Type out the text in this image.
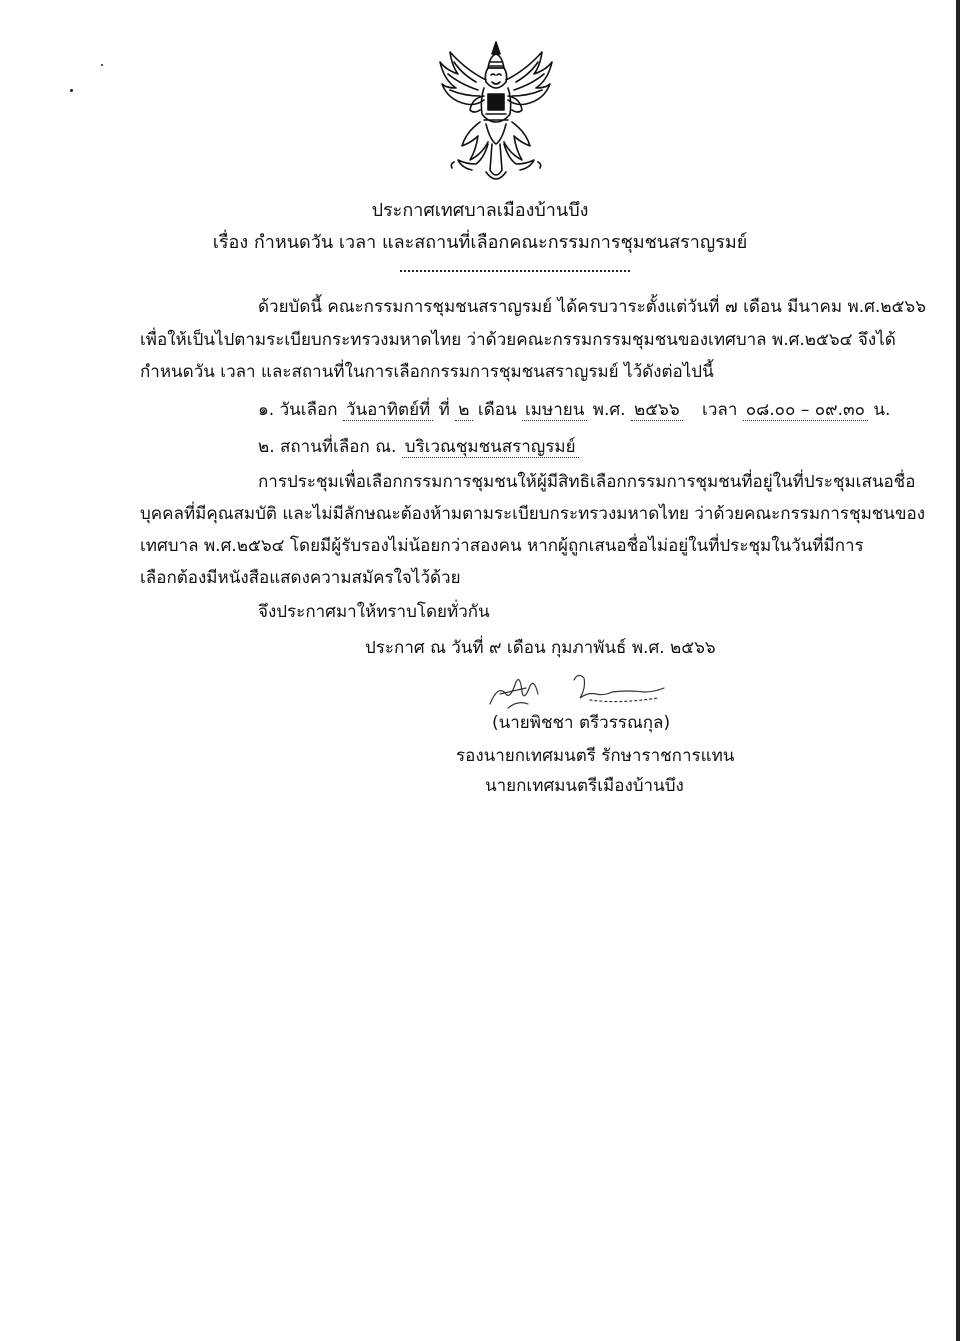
ประกาศเทศบาลเมืองบ้านบึง
เรื่อง กำหนดวัน เวลา และสถานที่เลือกคณะกรรมการชุมชนสราญรมย์
ด้วยบัดนี้ คณะกรรมการชุมชนสราญรมย์ ได้ครบวาระตั้งแต่วันที่ ๗ เดือน มีนาคม พ.ศ.๒๕๖๖
เพื่อให้เป็นไปตามระเบียบกระทรวงมหาดไทย ว่าด้วยคณะกรรมกรรมชุมชนของเทศบาล พ.ศ.๒๕๖๔ จึงได้
กำหนดวัน เวลา และสถานที่ในการเลือกกรรมการชุมชนสราญรมย์ ไว้ดังต่อไปนี้
๑. วันเลือก วันอาทิตย์ที่ ที่ ๒ เดือน เมษายน พ.ศ. ๒๕๖๖ เวลา ๐๘.๐๐ – ๐๙.๓๐ น.
๒. สถานที่เลือก ณ. บริเวณชุมชนสราญรมย์
การประชุมเพื่อเลือกกรรมการชุมชนให้ผู้มีสิทธิเลือกกรรมการชุมชนที่อยู่ในที่ประชุมเสนอชื่อ
บุคคลที่มีคุณสมบัติ และไม่มีลักษณะต้องห้ามตามระเบียบกระทรวงมหาดไทย ว่าด้วยคณะกรรมการชุมชนของ
เทศบาล พ.ศ.๒๕๖๔ โดยมีผู้รับรองไม่น้อยกว่าสองคน หากผู้ถูกเสนอชื่อไม่อยู่ในที่ประชุมในวันที่มีการ
เลือกต้องมีหนังสือแสดงความสมัครใจไว้ด้วย
จึงประกาศมาให้ทราบโดยทั่วกัน
ประกาศ ณ วันที่ ๙ เดือน กุมภาพันธ์ พ.ศ. ๒๕๖๖
(นายพิชชา ตรีวรรณกุล)
รองนายกเทศมนตรี รักษาราชการแทน
นายกเทศมนตรีเมืองบ้านบึง
